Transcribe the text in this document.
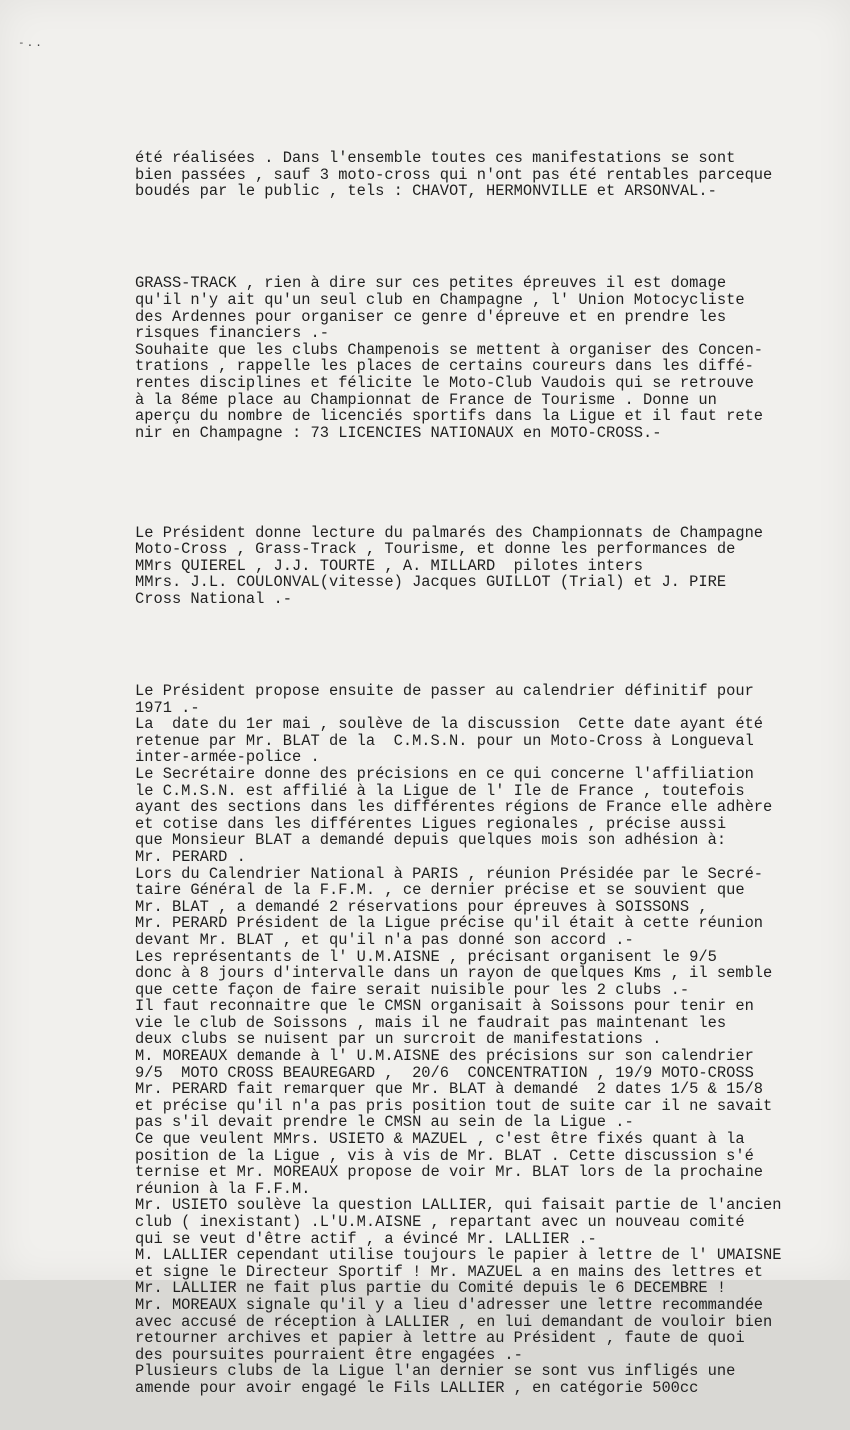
-..

été réalisées . Dans l'ensemble toutes ces manifestations se sont
bien passées , sauf 3 moto-cross qui n'ont pas été rentables parceque
boudés par le public , tels : CHAVOT, HERMONVILLE et ARSONVAL.-

GRASS-TRACK , rien à dire sur ces petites épreuves il est domage
qu'il n'y ait qu'un seul club en Champagne , l' Union Motocycliste
des Ardennes pour organiser ce genre d'épreuve et en prendre les
risques financiers .-
Souhaite que les clubs Champenois se mettent à organiser des Concen-
trations , rappelle les places de certains coureurs dans les diffé-
rentes disciplines et félicite le Moto-Club Vaudois qui se retrouve
à la 8éme place au Championnat de France de Tourisme . Donne un
aperçu du nombre de licenciés sportifs dans la Ligue et il faut rete
nir en Champagne : 73 LICENCIES NATIONAUX en MOTO-CROSS.-

Le Président donne lecture du palmarés des Championnats de Champagne
Moto-Cross , Grass-Track , Tourisme, et donne les performances de
MMrs QUIEREL , J.J. TOURTE , A. MILLARD  pilotes inters
MMrs. J.L. COULONVAL(vitesse) Jacques GUILLOT (Trial) et J. PIRE
Cross National .-

Le Président propose ensuite de passer au calendrier définitif pour
1971 .-
La  date du 1er mai , soulève de la discussion  Cette date ayant été
retenue par Mr. BLAT de la  C.M.S.N. pour un Moto-Cross à Longueval
inter-armée-police .
Le Secrétaire donne des précisions en ce qui concerne l'affiliation
le C.M.S.N. est affilié à la Ligue de l' Ile de France , toutefois
ayant des sections dans les différentes régions de France elle adhère
et cotise dans les différentes Ligues regionales , précise aussi
que Monsieur BLAT a demandé depuis quelques mois son adhésion à:
Mr. PERARD .
Lors du Calendrier National à PARIS , réunion Présidée par le Secré-
taire Général de la F.F.M. , ce dernier précise et se souvient que
Mr. BLAT , a demandé 2 réservations pour épreuves à SOISSONS ,
Mr. PERARD Président de la Ligue précise qu'il était à cette réunion
devant Mr. BLAT , et qu'il n'a pas donné son accord .-
Les représentants de l' U.M.AISNE , précisant organisent le 9/5
donc à 8 jours d'intervalle dans un rayon de quelques Kms , il semble
que cette façon de faire serait nuisible pour les 2 clubs .-
Il faut reconnaitre que le CMSN organisait à Soissons pour tenir en
vie le club de Soissons , mais il ne faudrait pas maintenant les
deux clubs se nuisent par un surcroit de manifestations .
M. MOREAUX demande à l' U.M.AISNE des précisions sur son calendrier
9/5  MOTO CROSS BEAUREGARD ,  20/6  CONCENTRATION , 19/9 MOTO-CROSS
Mr. PERARD fait remarquer que Mr. BLAT à demandé  2 dates 1/5 & 15/8
et précise qu'il n'a pas pris position tout de suite car il ne savait
pas s'il devait prendre le CMSN au sein de la Ligue .-
Ce que veulent MMrs. USIETO & MAZUEL , c'est être fixés quant à la
position de la Ligue , vis à vis de Mr. BLAT . Cette discussion s'é
ternise et Mr. MOREAUX propose de voir Mr. BLAT lors de la prochaine
réunion à la F.F.M.
Mr. USIETO soulève la question LALLIER, qui faisait partie de l'ancien
club ( inexistant) .L'U.M.AISNE , repartant avec un nouveau comité
qui se veut d'être actif , a évincé Mr. LALLIER .-
M. LALLIER cependant utilise toujours le papier à lettre de l' UMAISNE
et signe le Directeur Sportif ! Mr. MAZUEL a en mains des lettres et
Mr. LALLIER ne fait plus partie du Comité depuis le 6 DECEMBRE !
Mr. MOREAUX signale qu'il y a lieu d'adresser une lettre recommandée
avec accusé de réception à LALLIER , en lui demandant de vouloir bien
retourner archives et papier à lettre au Président , faute de quoi
des poursuites pourraient être engagées .-
Plusieurs clubs de la Ligue l'an dernier se sont vus infligés une
amende pour avoir engagé le Fils LALLIER , en catégorie 500cc
